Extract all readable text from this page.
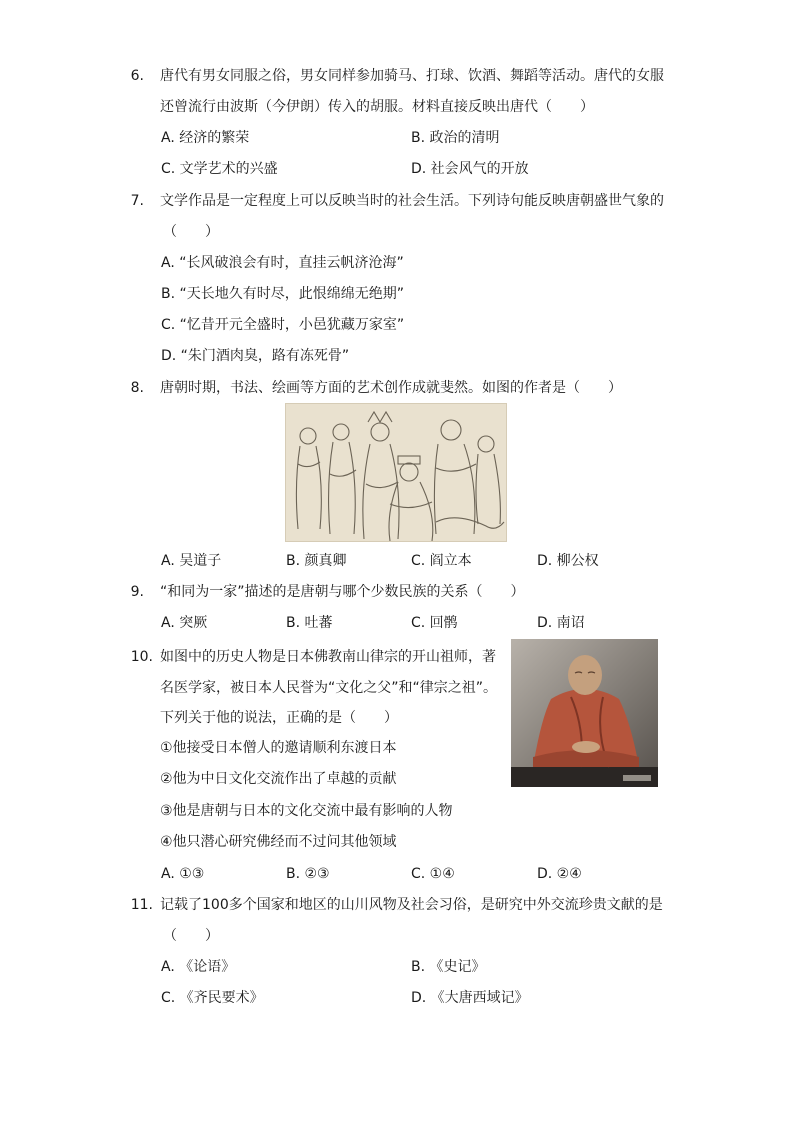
6. 唐代有男女同服之俗，男女同样参加骑马、打球、饮酒、舞蹈等活动。唐代的女服
还曾流行由波斯（今伊朗）传入的胡服。材料直接反映出唐代（　　）
A. 经济的繁荣	B. 政治的清明
C. 文学艺术的兴盛	D. 社会风气的开放
7. 文学作品是一定程度上可以反映当时的社会生活。下列诗句能反映唐朝盛世气象的
（　　）
A. “长风破浪会有时，直挂云帆济沧海”
B. “天长地久有时尽，此恨绵绵无绝期”
C. “忆昔开元全盛时，小邑犹藏万家室”
D. “朱门酒肉臭，路有冻死骨”
8. 唐朝时期，书法、绘画等方面的艺术创作成就斐然。如图的作者是（　　）
A. 吴道子	B. 颜真卿	C. 阎立本	D. 柳公权
9. “和同为一家”描述的是唐朝与哪个少数民族的关系（　　）
A. 突厥	B. 吐蕃	C. 回鹘	D. 南诏
10. 如图中的历史人物是日本佛教南山律宗的开山祖师，著
名医学家，被日本人民誉为“文化之父”和“律宗之祖”。
下列关于他的说法，正确的是（　　）
①他接受日本僧人的邀请顺利东渡日本
②他为中日文化交流作出了卓越的贡献
③他是唐朝与日本的文化交流中最有影响的人物
④他只潜心研究佛经而不过问其他领域
A. ①③	B. ②③	C. ①④	D. ②④
11. 记载了100多个国家和地区的山川风物及社会习俗，是研究中外交流珍贵文献的是
（　　）
A. 《论语》	B. 《史记》
C. 《齐民要术》	D. 《大唐西域记》
